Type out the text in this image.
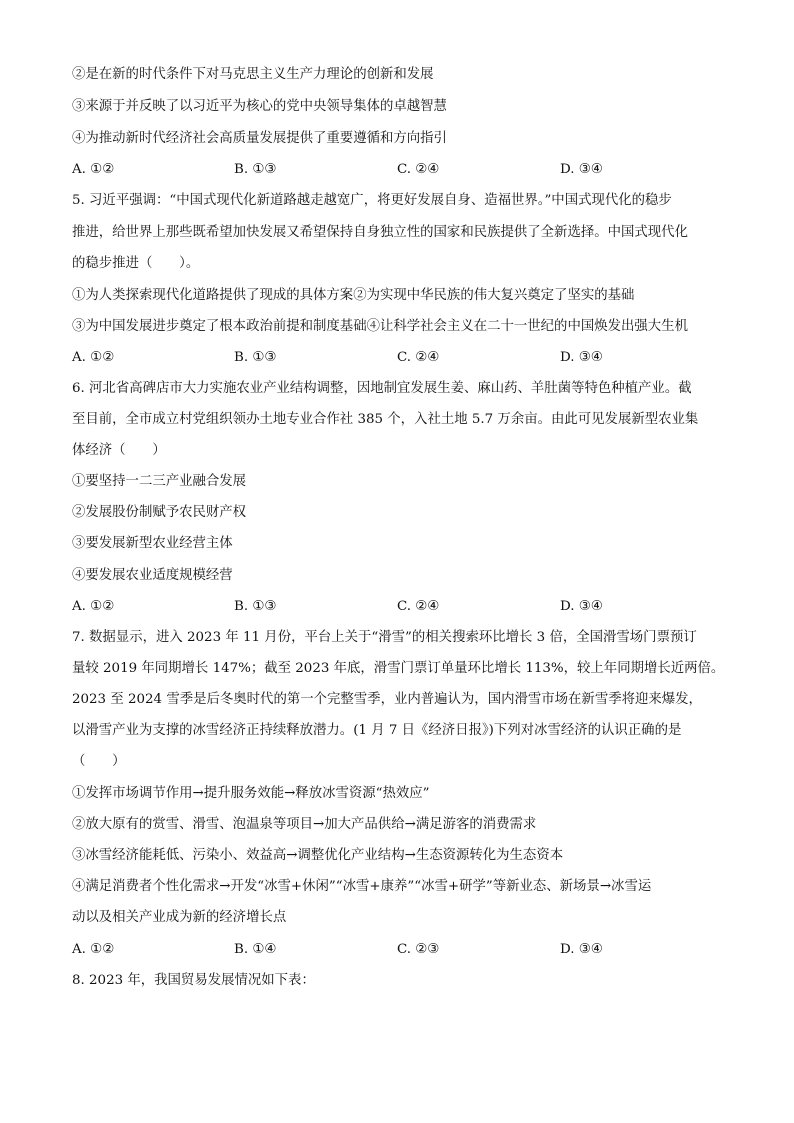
②是在新的时代条件下对马克思主义生产力理论的创新和发展
③来源于并反映了以习近平为核心的党中央领导集体的卓越智慧
④为推动新时代经济社会高质量发展提供了重要遵循和方向指引
A. ①②	B. ①③	C. ②④	D. ③④
5. 习近平强调：“中国式现代化新道路越走越宽广，将更好发展自身、造福世界。”中国式现代化的稳步
推进，给世界上那些既希望加快发展又希望保持自身独立性的国家和民族提供了全新选择。中国式现代化
的稳步推进（　　）。
①为人类探索现代化道路提供了现成的具体方案②为实现中华民族的伟大复兴奠定了坚实的基础
③为中国发展进步奠定了根本政治前提和制度基础④让科学社会主义在二十一世纪的中国焕发出强大生机
A. ①②	B. ①③	C. ②④	D. ③④
6. 河北省高碑店市大力实施农业产业结构调整，因地制宜发展生姜、麻山药、羊肚菌等特色种植产业。截
至目前，全市成立村党组织领办土地专业合作社 385 个，入社土地 5.7 万余亩。由此可见发展新型农业集
体经济（　　）
①要坚持一二三产业融合发展
②发展股份制赋予农民财产权
③要发展新型农业经营主体
④要发展农业适度规模经营
A. ①②	B. ①③	C. ②④	D. ③④
7. 数据显示，进入 2023 年 11 月份，平台上关于“滑雪”的相关搜索环比增长 3 倍，全国滑雪场门票预订
量较 2019 年同期增长 147%；截至 2023 年底，滑雪门票订单量环比增长 113%，较上年同期增长近两倍。
2023 至 2024 雪季是后冬奥时代的第一个完整雪季，业内普遍认为，国内滑雪市场在新雪季将迎来爆发，
以滑雪产业为支撑的冰雪经济正持续释放潜力。(1 月 7 日《经济日报》)下列对冰雪经济的认识正确的是
（　　）
①发挥市场调节作用→提升服务效能→释放冰雪资源“热效应”
②放大原有的赏雪、滑雪、泡温泉等项目→加大产品供给→满足游客的消费需求
③冰雪经济能耗低、污染小、效益高→调整优化产业结构→生态资源转化为生态资本
④满足消费者个性化需求→开发“冰雪+休闲”“冰雪+康养”“冰雪+研学”等新业态、新场景→冰雪运
动以及相关产业成为新的经济增长点
A. ①②	B. ①④	C. ②③	D. ③④
8. 2023 年，我国贸易发展情况如下表：
